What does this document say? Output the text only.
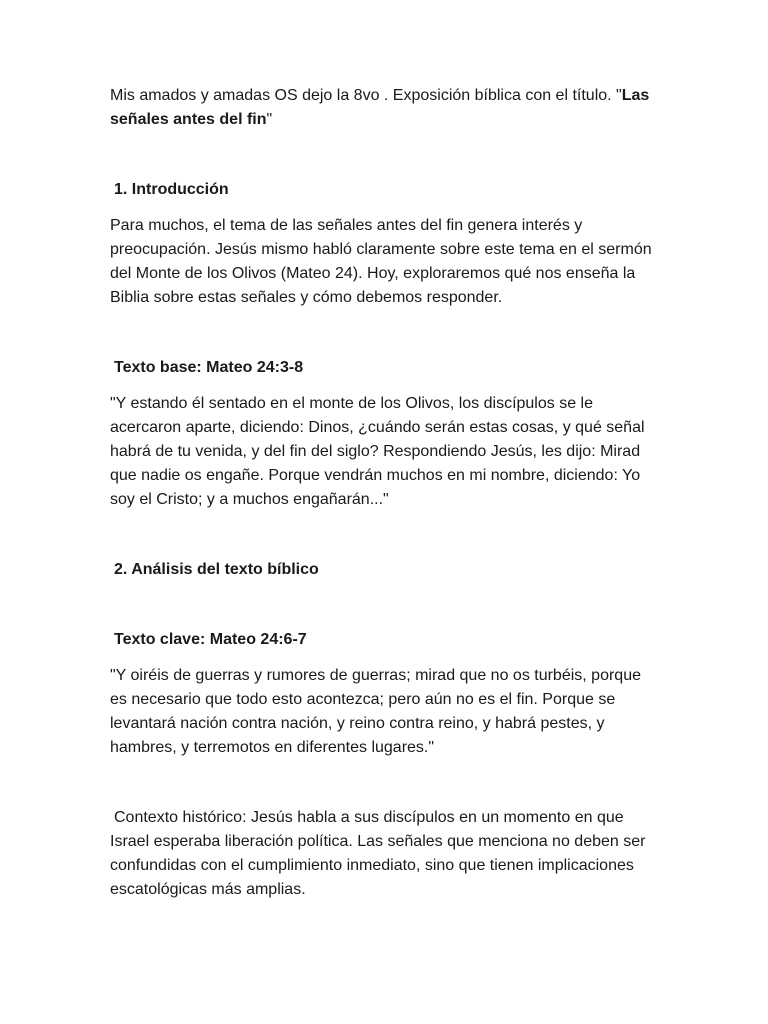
Mis amados y amadas OS dejo la 8vo . Exposición bíblica con el título. "Las señales antes del fin"

1. Introducción

Para muchos, el tema de las señales antes del fin genera interés y preocupación. Jesús mismo habló claramente sobre este tema en el sermón del Monte de los Olivos (Mateo 24). Hoy, exploraremos qué nos enseña la Biblia sobre estas señales y cómo debemos responder.

Texto base: Mateo 24:3-8

"Y estando él sentado en el monte de los Olivos, los discípulos se le acercaron aparte, diciendo: Dinos, ¿cuándo serán estas cosas, y qué señal habrá de tu venida, y del fin del siglo? Respondiendo Jesús, les dijo: Mirad que nadie os engañe. Porque vendrán muchos en mi nombre, diciendo: Yo soy el Cristo; y a muchos engañarán..."

2. Análisis del texto bíblico

Texto clave: Mateo 24:6-7

"Y oiréis de guerras y rumores de guerras; mirad que no os turbéis, porque es necesario que todo esto acontezca; pero aún no es el fin. Porque se levantará nación contra nación, y reino contra reino, y habrá pestes, y hambres, y terremotos en diferentes lugares."

Contexto histórico: Jesús habla a sus discípulos en un momento en que Israel esperaba liberación política. Las señales que menciona no deben ser confundidas con el cumplimiento inmediato, sino que tienen implicaciones escatológicas más amplias.
